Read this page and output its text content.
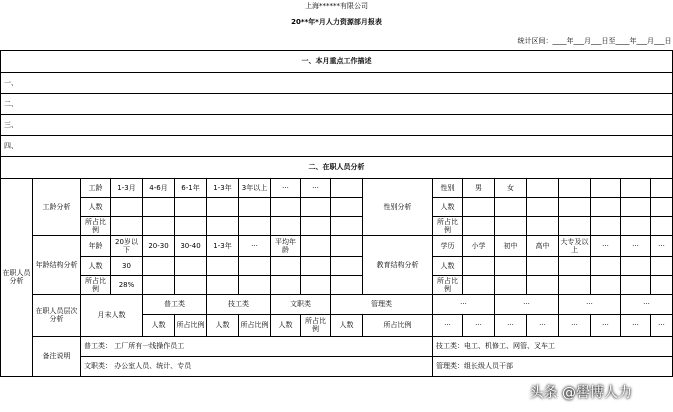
上海******有限公司																			
20**年*月人力资源部月报表																			
统计区间：____年___月___日至____年___月___日																			
一、本月重点工作描述																			
一、																			
二、																			
三、																			
四、																			
二、在职人员分析																			
在职人员分析	工龄分析	工龄	1-3月	4-6月	6-1年	1-3年	3年以上	···	···		性别分析	性别	男	女					
		人数										人数							
		所占比例										所占比例							
	年龄结构分析	年龄	20岁以下	20-30	30-40	1-3年	···	平均年龄			教育结构分析	学历	小学	初中	高中	大专及以上	···	···	···
		人数	30									人数							
		所占比例	28%									所占比例							
	在职人员层次分析	月末人数		普工类		技工类		文职类		管理类		···		···		···		···	
				人数	所占比例	人数	所占比例	人数	所占比例	人数	所占比例	···	···	···	···	···	···	···	···
	备注说明	普工类： 工厂所有一线操作员工										技工类：电工、机修工、网管、叉车工							
		文职类： 办公室人员、统计、专员										管理类：组长级人员干部							
头条 @嚳博人力
